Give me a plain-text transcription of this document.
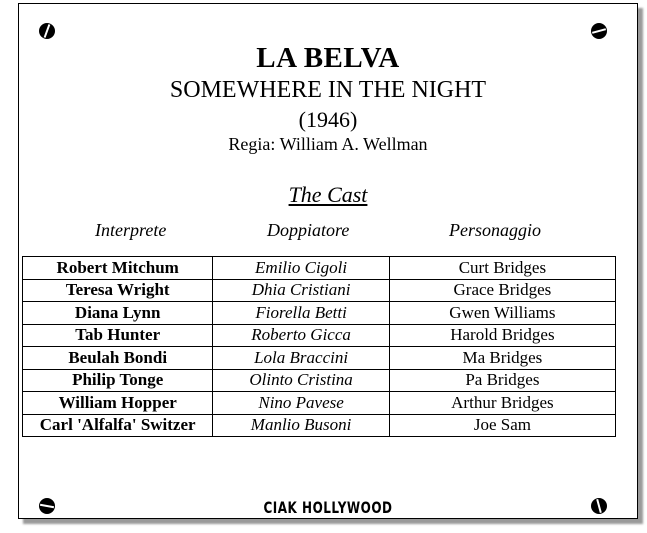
LA BELVA
SOMEWHERE IN THE NIGHT
(1946)
Regia: William A. Wellman
The Cast
Interprete	Doppiatore	Personaggio
Robert Mitchum	Emilio Cigoli	Curt Bridges
Teresa Wright	Dhia Cristiani	Grace Bridges
Diana Lynn	Fiorella Betti	Gwen Williams
Tab Hunter	Roberto Gicca	Harold Bridges
Beulah Bondi	Lola Braccini	Ma Bridges
Philip Tonge	Olinto Cristina	Pa Bridges
William Hopper	Nino Pavese	Arthur Bridges
Carl 'Alfalfa' Switzer	Manlio Busoni	Joe Sam
CIAK HOLLYWOOD
